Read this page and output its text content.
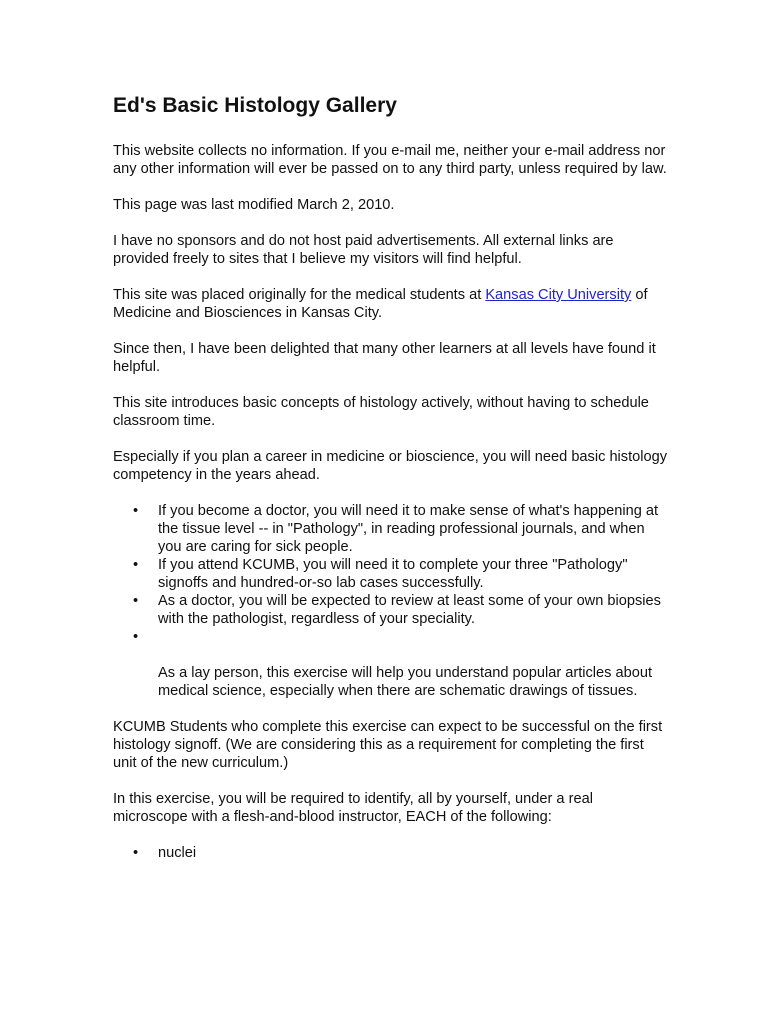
Ed's Basic Histology Gallery

This website collects no information. If you e-mail me, neither your e-mail address nor any other information will ever be passed on to any third party, unless required by law.

This page was last modified March 2, 2010.

I have no sponsors and do not host paid advertisements. All external links are provided freely to sites that I believe my visitors will find helpful.

This site was placed originally for the medical students at Kansas City University of Medicine and Biosciences in Kansas City.

Since then, I have been delighted that many other learners at all levels have found it helpful.

This site introduces basic concepts of histology actively, without having to schedule classroom time.

Especially if you plan a career in medicine or bioscience, you will need basic histology competency in the years ahead.

• If you become a doctor, you will need it to make sense of what's happening at the tissue level -- in "Pathology", in reading professional journals, and when you are caring for sick people.
• If you attend KCUMB, you will need it to complete your three "Pathology" signoffs and hundred-or-so lab cases successfully.
• As a doctor, you will be expected to review at least some of your own biopsies with the pathologist, regardless of your speciality.
•
As a lay person, this exercise will help you understand popular articles about medical science, especially when there are schematic drawings of tissues.

KCUMB Students who complete this exercise can expect to be successful on the first histology signoff. (We are considering this as a requirement for completing the first unit of the new curriculum.)

In this exercise, you will be required to identify, all by yourself, under a real microscope with a flesh-and-blood instructor, EACH of the following:

• nuclei
